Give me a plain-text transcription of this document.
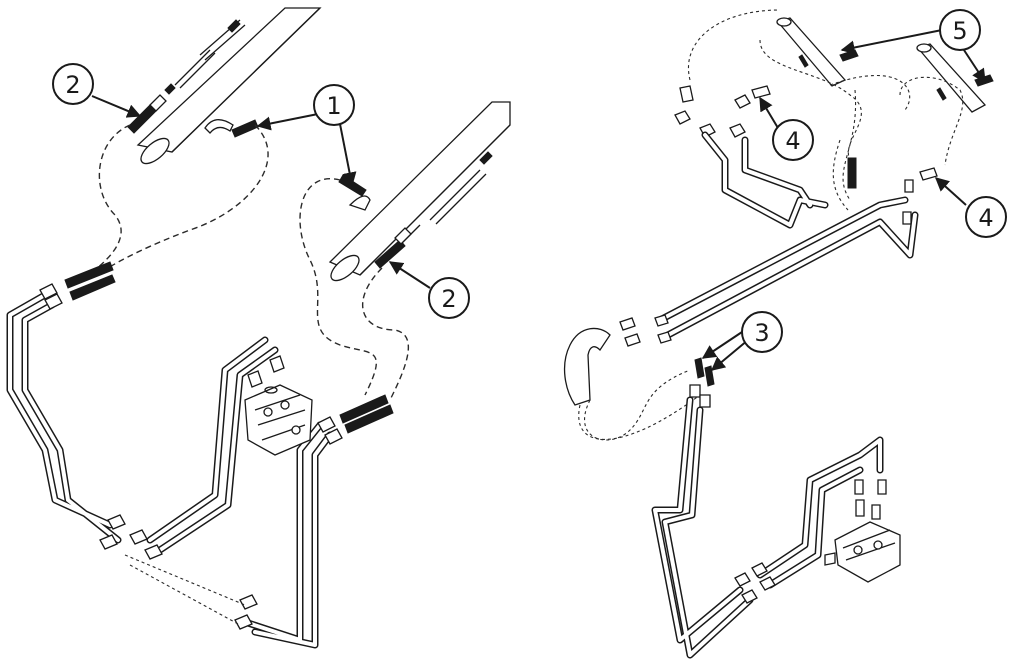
1
2
2
3
4
4
5
